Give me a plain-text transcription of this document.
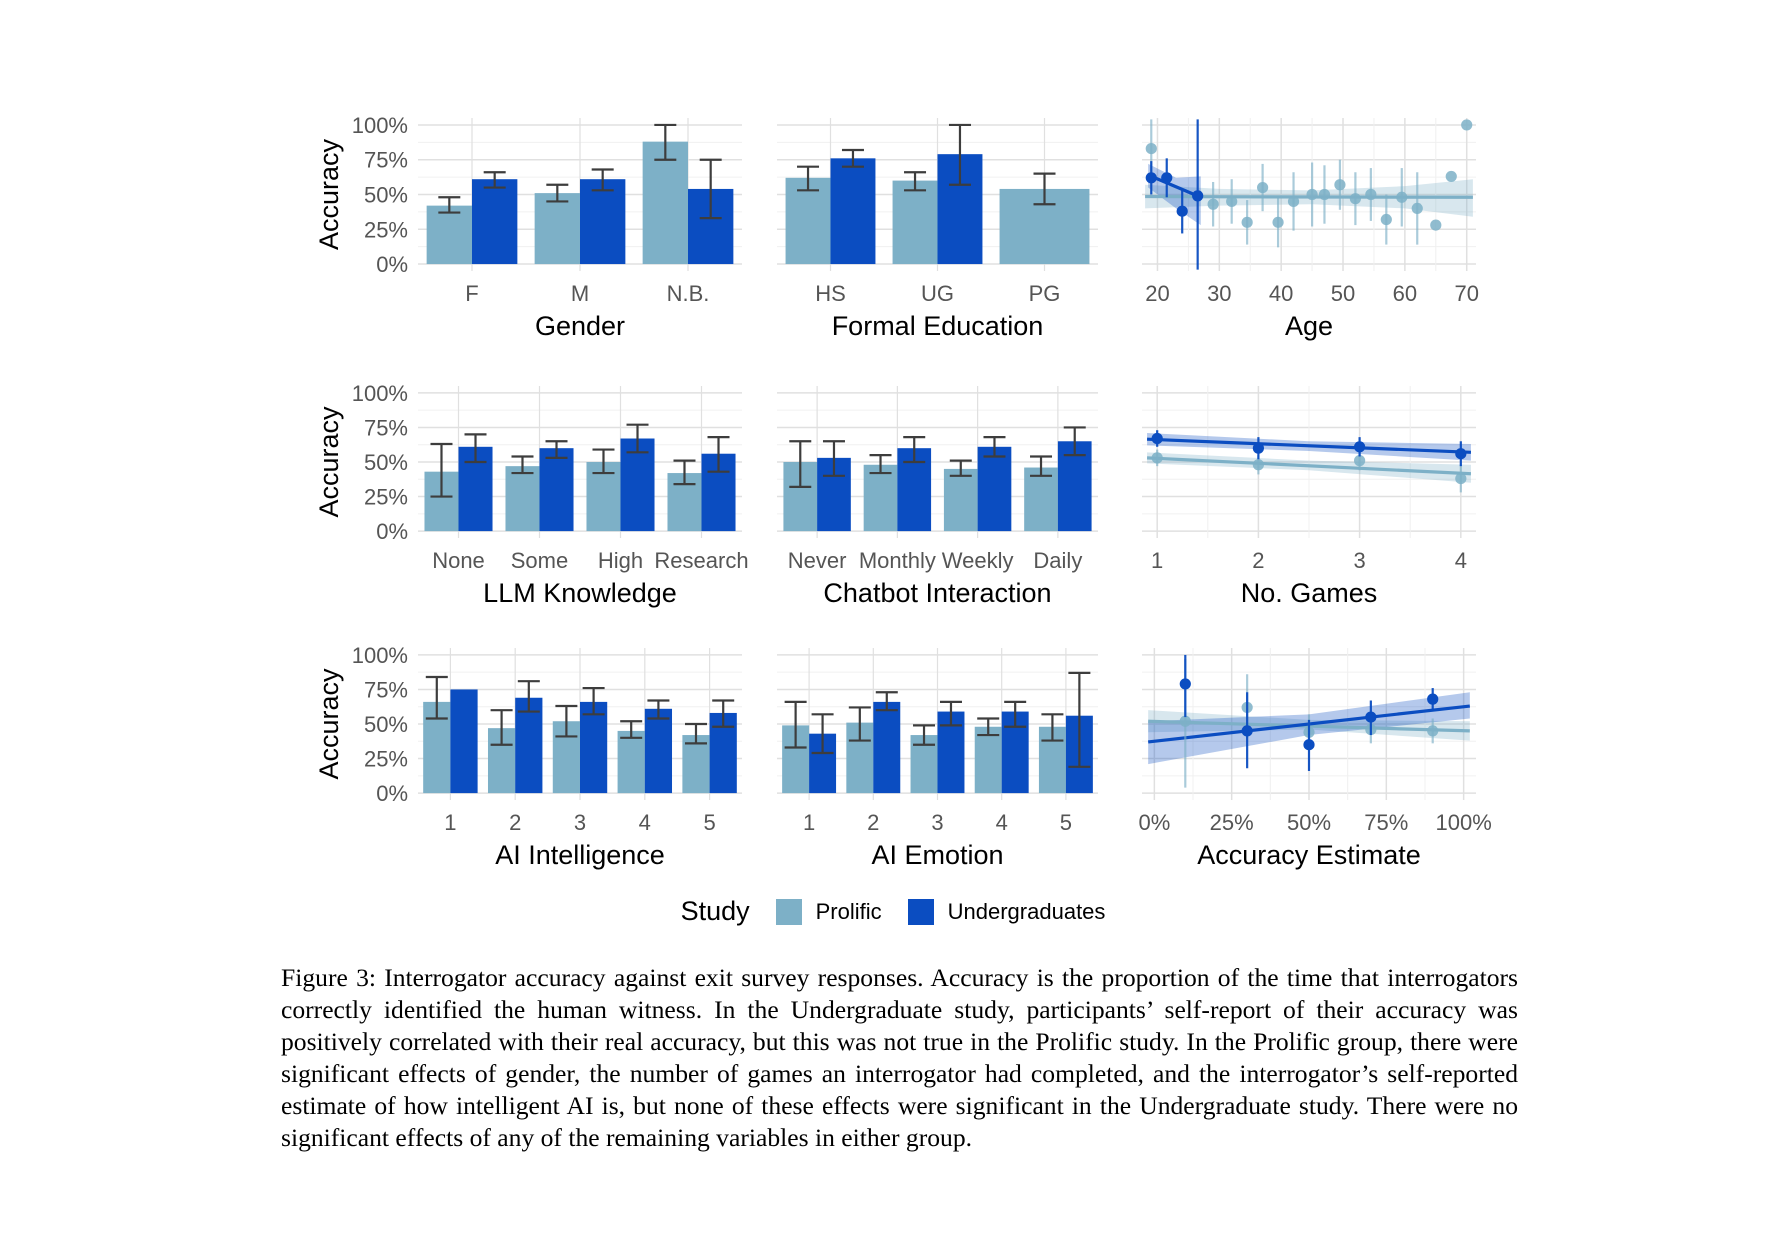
F	M	N.B.
Gender
0%
25%
50%
75%
100%
Accuracy
HS	UG	PG
Formal Education
20 30 40 50 60 70
Age
None Some High Research
LLM Knowledge
0%
25%
50%
75%
100%
Accuracy
Never Monthly Weekly Daily
Chatbot Interaction
1	2	3	4
No. Games
1 2 3 4 5
AI Intelligence
0%
25%
50%
75%
100%
Accuracy
1 2 3 4 5
AI Emotion
0% 25% 50% 75% 100%
Accuracy Estimate
Study	Prolific	Undergraduates

Figure 3: Interrogator accuracy against exit survey responses. Accuracy is the proportion of the time that interrogators correctly identified the human witness. In the Undergraduate study, participants’ self-report of their accuracy was positively correlated with their real accuracy, but this was not true in the Prolific study. In the Prolific group, there were significant effects of gender, the number of games an interrogator had completed, and the interrogator’s self-reported estimate of how intelligent AI is, but none of these effects were significant in the Undergraduate study. There were no significant effects of any of the remaining variables in either group.
